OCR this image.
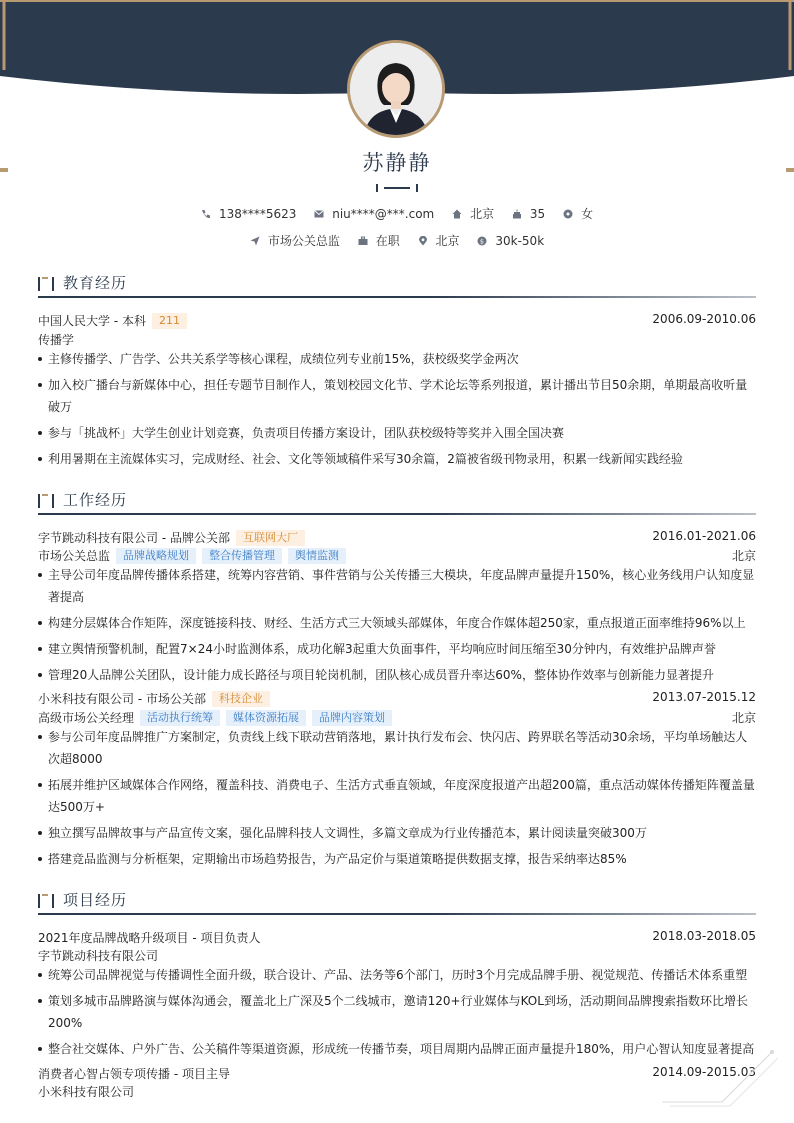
苏静静
138****5623
	niu****@***.com
	北京
	35
	女
市场公关总监
	在职
	北京
	$ 30k-50k
教育经历
中国人民大学 - 本科	211	2006.09-2010.06
传播学
主修传播学、广告学、公共关系学等核心课程，成绩位列专业前15%，获校级奖学金两次
加入校广播台与新媒体中心，担任专题节目制作人，策划校园文化节、学术论坛等系列报道，累计播出节目50余期，单期最高收听量破万
参与「挑战杯」大学生创业计划竞赛，负责项目传播方案设计，团队获校级特等奖并入围全国决赛
利用暑期在主流媒体实习，完成财经、社会、文化等领域稿件采写30余篇，2篇被省级刊物录用，积累一线新闻实践经验
工作经历
字节跳动科技有限公司 - 品牌公关部	互联网大厂	2016.01-2021.06
市场公关总监	品牌战略规划	整合传播管理	舆情监测	北京
主导公司年度品牌传播体系搭建，统筹内容营销、事件营销与公关传播三大模块，年度品牌声量提升150%，核心业务线用户认知度显著提高
构建分层媒体合作矩阵，深度链接科技、财经、生活方式三大领域头部媒体，年度合作媒体超250家，重点报道正面率维持96%以上
建立舆情预警机制，配置7×24小时监测体系，成功化解3起重大负面事件，平均响应时间压缩至30分钟内，有效维护品牌声誉
管理20人品牌公关团队，设计能力成长路径与项目轮岗机制，团队核心成员晋升率达60%，整体协作效率与创新能力显著提升
小米科技有限公司 - 市场公关部	科技企业	2013.07-2015.12
高级市场公关经理	活动执行统筹	媒体资源拓展	品牌内容策划	北京
参与公司年度品牌推广方案制定，负责线上线下联动营销落地，累计执行发布会、快闪店、跨界联名等活动30余场，平均单场触达人次超8000
拓展并维护区域媒体合作网络，覆盖科技、消费电子、生活方式垂直领域，年度深度报道产出超200篇，重点活动媒体传播矩阵覆盖量达500万+
独立撰写品牌故事与产品宣传文案，强化品牌科技人文调性，多篇文章成为行业传播范本，累计阅读量突破300万
搭建竞品监测与分析框架，定期输出市场趋势报告，为产品定价与渠道策略提供数据支撑，报告采纳率达85%
项目经历
2021年度品牌战略升级项目 - 项目负责人	2018.03-2018.05
字节跳动科技有限公司
统筹公司品牌视觉与传播调性全面升级，联合设计、产品、法务等6个部门，历时3个月完成品牌手册、视觉规范、传播话术体系重塑
策划多城市品牌路演与媒体沟通会，覆盖北上广深及5个二线城市，邀请120+行业媒体与KOL到场，活动期间品牌搜索指数环比增长200%
整合社交媒体、户外广告、公关稿件等渠道资源，形成统一传播节奏，项目周期内品牌正面声量提升180%，用户心智认知度显著提高
消费者心智占领专项传播 - 项目主导	2014.09-2015.03
小米科技有限公司
